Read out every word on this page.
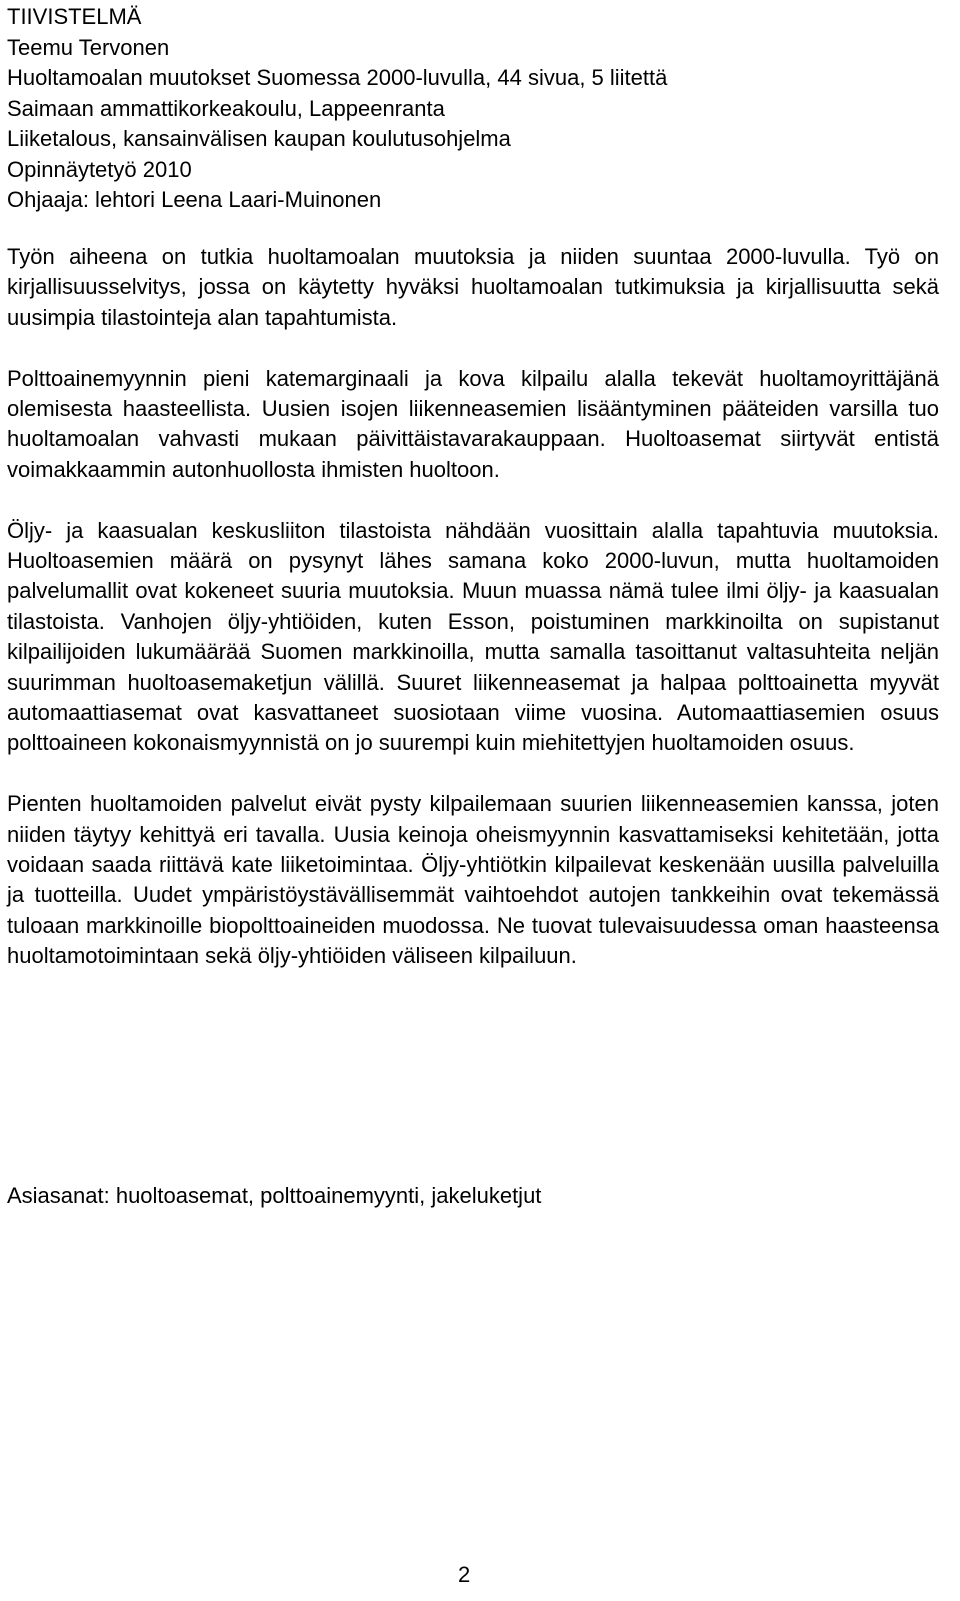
TIIVISTELMÄ
Teemu Tervonen
Huoltamoalan muutokset Suomessa 2000-luvulla, 44 sivua, 5 liitettä
Saimaan ammattikorkeakoulu, Lappeenranta
Liiketalous, kansainvälisen kaupan koulutusohjelma
Opinnäytetyö 2010
Ohjaaja: lehtori Leena Laari-Muinonen

Työn aiheena on tutkia huoltamoalan muutoksia ja niiden suuntaa 2000-luvulla. Työ on kirjallisuusselvitys, jossa on käytetty hyväksi huoltamoalan tutkimuksia ja kirjallisuutta sekä uusimpia tilastointeja alan tapahtumista.

Polttoainemyynnin pieni katemarginaali ja kova kilpailu alalla tekevät huoltamoyrittäjänä olemisesta haasteellista. Uusien isojen liikenneasemien lisääntyminen pääteiden varsilla tuo huoltamoalan vahvasti mukaan päivittäistavarakauppaan. Huoltoasemat siirtyvät entistä voimakkaammin autonhuollosta ihmisten huoltoon.

Öljy- ja kaasualan keskusliiton tilastoista nähdään vuosittain alalla tapahtuvia muutoksia. Huoltoasemien määrä on pysynyt lähes samana koko 2000-luvun, mutta huoltamoiden palvelumallit ovat kokeneet suuria muutoksia. Muun muassa nämä tulee ilmi öljy- ja kaasualan tilastoista. Vanhojen öljy-yhtiöiden, kuten Esson, poistuminen markkinoilta on supistanut kilpailijoiden lukumäärää Suomen markkinoilla, mutta samalla tasoittanut valtasuhteita neljän suurimman huoltoasemaketjun välillä. Suuret liikenneasemat ja halpaa polttoainetta myyvät automaattiasemat ovat kasvattaneet suosiotaan viime vuosina. Automaattiasemien osuus polttoaineen kokonaismyynnistä on jo suurempi kuin miehitettyjen huoltamoiden osuus.

Pienten huoltamoiden palvelut eivät pysty kilpailemaan suurien liikenneasemien kanssa, joten niiden täytyy kehittyä eri tavalla. Uusia keinoja oheismyynnin kasvattamiseksi kehitetään, jotta voidaan saada riittävä kate liiketoimintaa. Öljy-yhtiötkin kilpailevat keskenään uusilla palveluilla ja tuotteilla. Uudet ympäristöystävällisemmät vaihtoehdot autojen tankkeihin ovat tekemässä tuloaan markkinoille biopolttoaineiden muodossa. Ne tuovat tulevaisuudessa oman haasteensa huoltamotoimintaan sekä öljy-yhtiöiden väliseen kilpailuun.

Asiasanat: huoltoasemat, polttoainemyynti, jakeluketjut
2
